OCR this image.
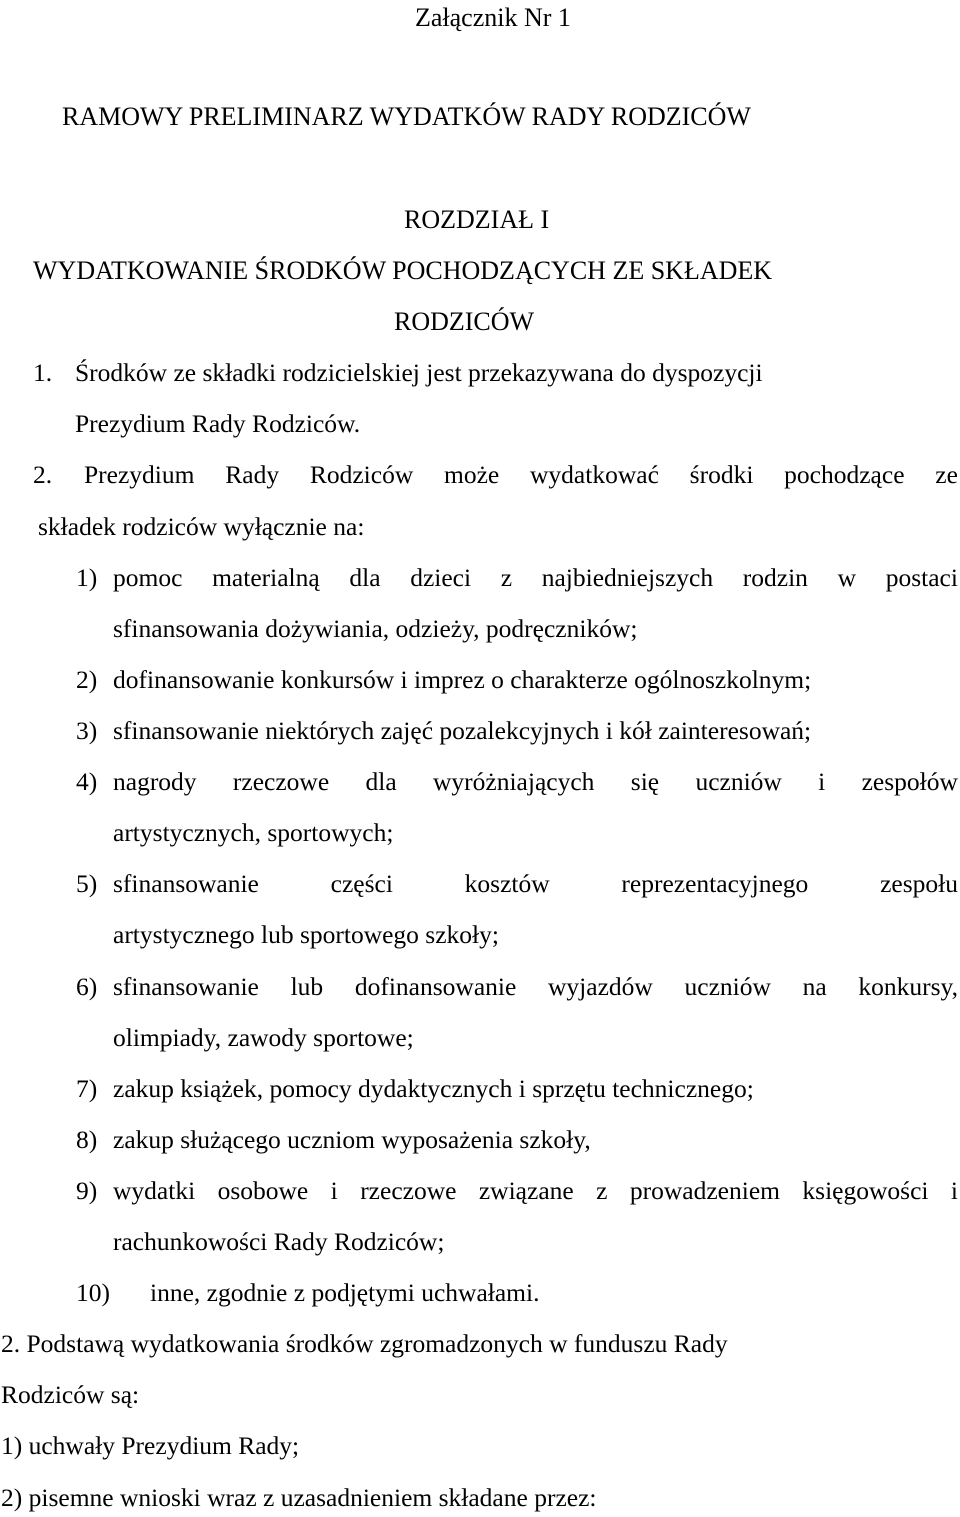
Załącznik Nr 1
RAMOWY PRELIMINARZ WYDATKÓW RADY RODZICÓW
ROZDZIAŁ I
WYDATKOWANIE ŚRODKÓW POCHODZĄCYCH ZE SKŁADEK
RODZICÓW
1. Środków ze składki rodzicielskiej jest przekazywana do dyspozycji
Prezydium Rady Rodziców.
2. Prezydium Rady Rodziców może wydatkować środki pochodzące ze
składek rodziców wyłącznie na:
1) pomoc materialną dla dzieci z najbiedniejszych rodzin w postaci
sfinansowania dożywiania, odzieży, podręczników;
2) dofinansowanie konkursów i imprez o charakterze ogólnoszkolnym;
3) sfinansowanie niektórych zajęć pozalekcyjnych i kół zainteresowań;
4) nagrody rzeczowe dla wyróżniających się uczniów i zespołów
artystycznych, sportowych;
5) sfinansowanie	części	kosztów	reprezentacyjnego	zespołu
artystycznego lub sportowego szkoły;
6) sfinansowanie lub dofinansowanie wyjazdów uczniów na konkursy,
olimpiady, zawody sportowe;
7) zakup książek, pomocy dydaktycznych i sprzętu technicznego;
8) zakup służącego uczniom wyposażenia szkoły,
9) wydatki osobowe i rzeczowe związane z prowadzeniem księgowości i
rachunkowości Rady Rodziców;
10) inne, zgodnie z podjętymi uchwałami.
2. Podstawą wydatkowania środków zgromadzonych w funduszu Rady
Rodziców są:
1) uchwały Prezydium Rady;
2) pisemne wnioski wraz z uzasadnieniem składane przez:
